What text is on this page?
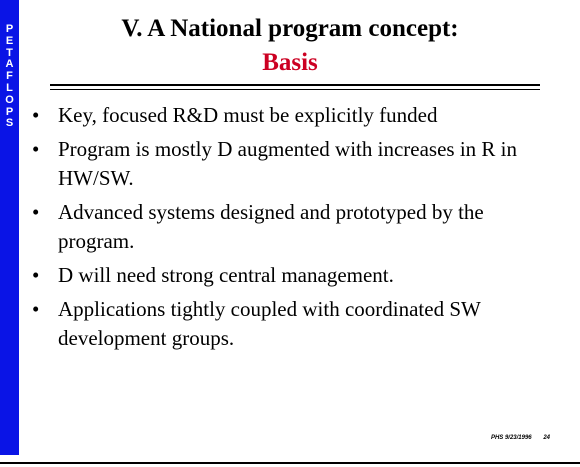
P
E
T
A
F
L
O
P
S
V. A National program concept:
Basis
• Key, focused R&D must be explicitly funded
• Program is mostly D augmented with increases in R in HW/SW.
• Advanced systems designed and prototyped by the program.
• D will need strong central management.
• Applications tightly coupled with coordinated SW development groups.
PHS 9/23/1996 24
